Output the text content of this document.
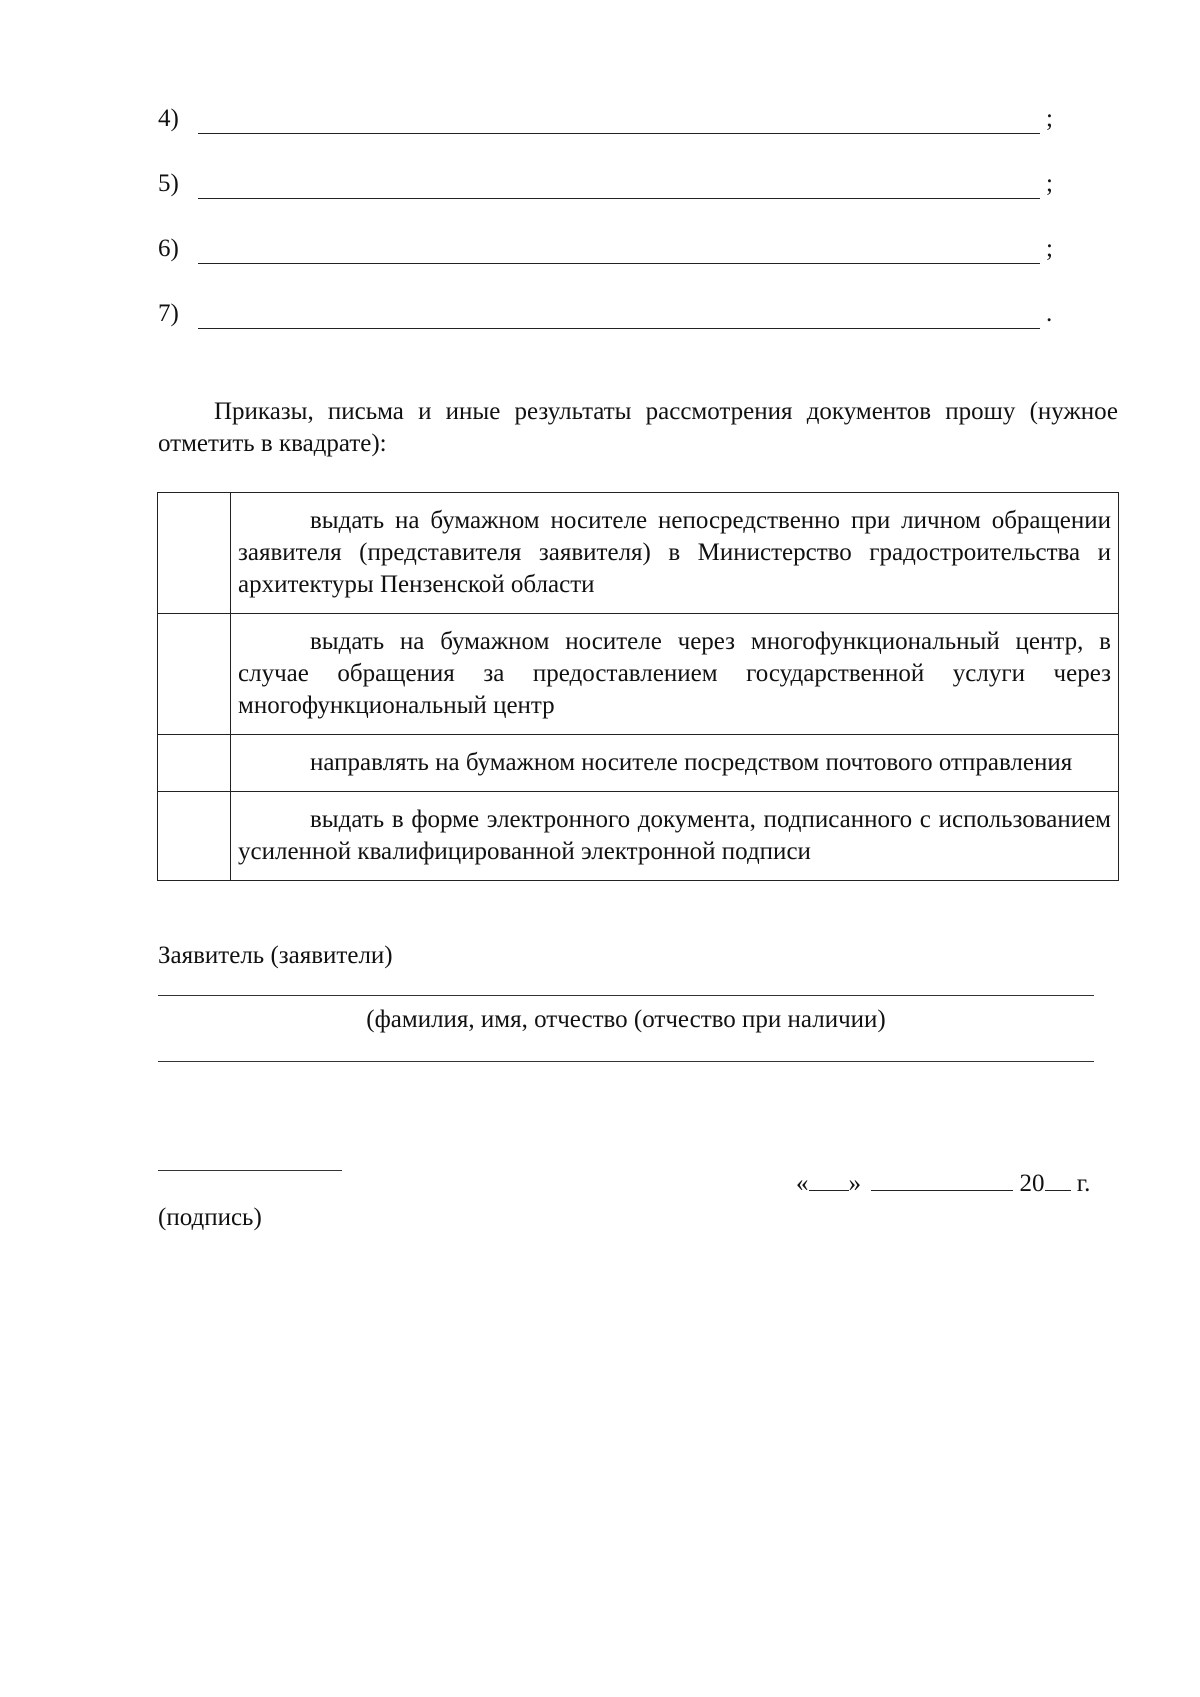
4)	;
5)	;
6)	;
7)	.
Приказы, письма и иные результаты рассмотрения документов прошу (нужное отметить в квадрате):
	выдать на бумажном носителе непосредственно при личном обращении заявителя (представителя заявителя) в Министерство градостроительства и архитектуры Пензенской области
	выдать на бумажном носителе через многофункциональный центр, в случае обращения за предоставлением государственной услуги через многофункциональный центр
	направлять на бумажном носителе посредством почтового отправления
	выдать в форме электронного документа, подписанного с использованием усиленной квалифицированной электронной подписи
Заявитель (заявители)
(фамилия, имя, отчество (отчество при наличии)
(подпись)
« »	20 г.
